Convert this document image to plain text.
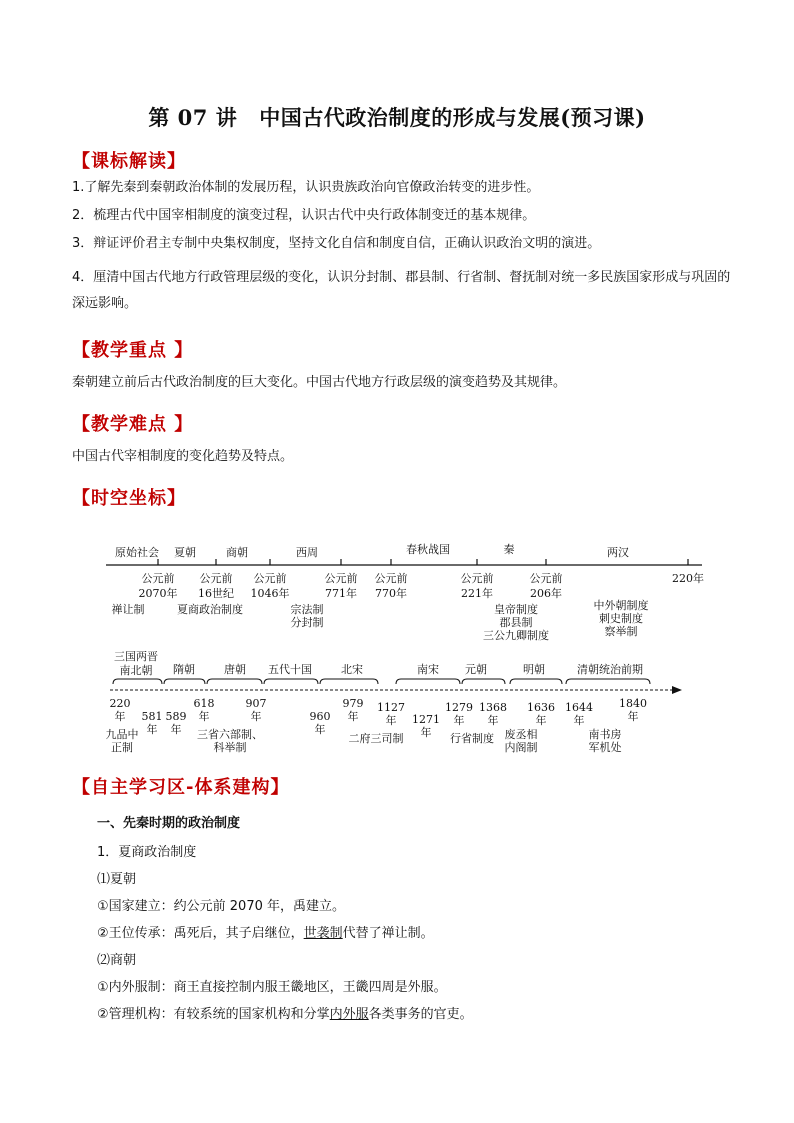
第 07 讲 中国古代政治制度的形成与发展(预习课)
【课标解读】
1.了解先秦到秦朝政治体制的发展历程，认识贵族政治向官僚政治转变的进步性。
2．梳理古代中国宰相制度的演变过程，认识古代中央行政体制变迁的基本规律。
3．辩证评价君主专制中央集权制度，坚持文化自信和制度自信，正确认识政治文明的演进。
4．厘清中国古代地方行政管理层级的变化，认识分封制、郡县制、行省制、督抚制对统一多民族国家形成与巩固的深远影响。
【教学重点 】
秦朝建立前后古代政治制度的巨大变化。中国古代地方行政层级的演变趋势及其规律。
【教学难点 】
中国古代宰相制度的变化趋势及特点。
【时空坐标】
原始社会 夏朝	商朝	西周	春秋战国	秦	两汉
公元前
2070年
公元前
16世纪
公元前
1046年
公元前
771年
公元前
770年
公元前
221年
公元前
206年
220年
禅让制	夏商政治制度	宗法制
分封制
皇帝制度
郡县制
三公九卿制度
中外朝制度
刺史制度
察举制
三国两晋
南北朝 隋朝	唐朝 五代十国	北宋	南宋 元朝	明朝	清朝统治前期
220
年 581
年
589
年
618
年
907
年	960
年
979
年
1127
年 1271
年
1279
年
1368
年
1636
年
1644
年
1840
年
九品中
正制
三省六部制、
科举制
二府三司制	行省制度 废丞相
内阁制
南书房
军机处
【自主学习区-体系建构】
一、先秦时期的政治制度
1．夏商政治制度
⑴夏朝
①国家建立：约公元前 2070 年，禹建立。
②王位传承：禹死后，其子启继位，世袭制代替了禅让制。
⑵商朝
①内外服制：商王直接控制内服王畿地区，王畿四周是外服。
②管理机构：有较系统的国家机构和分掌内外服各类事务的官吏。
